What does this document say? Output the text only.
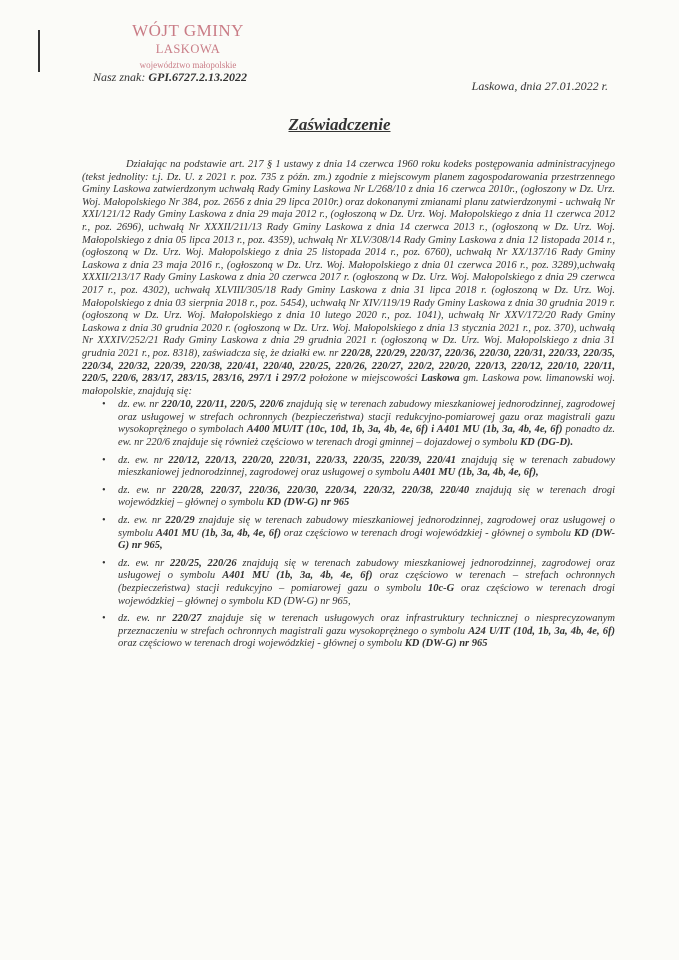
WÓJT GMINY
LASKOWA
województwo małopolskie
Nasz znak: GPI.6727.2.13.2022
Laskowa, dnia 27.01.2022 r.
Zaświadczenie

Działając na podstawie art. 217 § 1 ustawy z dnia 14 czerwca 1960 roku kodeks postępowania administracyjnego (tekst jednolity: t.j. Dz. U. z 2021 r. poz. 735 z późn. zm.) zgodnie z miejscowym planem zagospodarowania przestrzennego Gminy Laskowa zatwierdzonym uchwałą Rady Gminy Laskowa Nr L/268/10 z dnia 16 czerwca 2010r., (ogłoszony w Dz. Urz. Woj. Małopolskiego Nr 384, poz. 2656 z dnia 29 lipca 2010r.) oraz dokonanymi zmianami planu zatwierdzonymi - uchwałą Nr XXI/121/12 Rady Gminy Laskowa z dnia 29 maja 2012 r., (ogłoszoną w Dz. Urz. Woj. Małopolskiego z dnia 11 czerwca 2012 r., poz. 2696), uchwałą Nr XXXII/211/13 Rady Gminy Laskowa z dnia 14 czerwca 2013 r., (ogłoszoną w Dz. Urz. Woj. Małopolskiego z dnia 05 lipca 2013 r., poz. 4359), uchwałą Nr XLV/308/14 Rady Gminy Laskowa z dnia 12 listopada 2014 r., (ogłoszoną w Dz. Urz. Woj. Małopolskiego z dnia 25 listopada 2014 r., poz. 6760), uchwałą Nr XX/137/16 Rady Gminy Laskowa z dnia 23 maja 2016 r., (ogłoszoną w Dz. Urz. Woj. Małopolskiego z dnia 01 czerwca 2016 r., poz. 3289),uchwałą XXXII/213/17 Rady Gminy Laskowa z dnia 20 czerwca 2017 r. (ogłoszoną w Dz. Urz. Woj. Małopolskiego z dnia 29 czerwca 2017 r., poz. 4302), uchwałą XLVIII/305/18 Rady Gminy Laskowa z dnia 31 lipca 2018 r. (ogłoszoną w Dz. Urz. Woj. Małopolskiego z dnia 03 sierpnia 2018 r., poz. 5454), uchwałą Nr XIV/119/19 Rady Gminy Laskowa z dnia 30 grudnia 2019 r. (ogłoszoną w Dz. Urz. Woj. Małopolskiego z dnia 10 lutego 2020 r., poz. 1041), uchwałą Nr XXV/172/20 Rady Gminy Laskowa z dnia 30 grudnia 2020 r. (ogłoszoną w Dz. Urz. Woj. Małopolskiego z dnia 13 stycznia 2021 r., poz. 370), uchwałą Nr XXXIV/252/21 Rady Gminy Laskowa z dnia 29 grudnia 2021 r. (ogłoszoną w Dz. Urz. Woj. Małopolskiego z dnia 31 grudnia 2021 r., poz. 8318), zaświadcza się, że działki ew. nr 220/28, 220/29, 220/37, 220/36, 220/30, 220/31, 220/33, 220/35, 220/34, 220/32, 220/39, 220/38, 220/41, 220/40, 220/25, 220/26, 220/27, 220/2, 220/20, 220/13, 220/12, 220/10, 220/11, 220/5, 220/6, 283/17, 283/15, 283/16, 297/1 i 297/2 położone w miejscowości Laskowa gm. Laskowa pow. limanowski woj. małopolskie, znajdują się:

• dz. ew. nr 220/10, 220/11, 220/5, 220/6 znajdują się w terenach zabudowy mieszkaniowej jednorodzinnej, zagrodowej oraz usługowej w strefach ochronnych (bezpieczeństwa) stacji redukcyjno-pomiarowej gazu oraz magistrali gazu wysokoprężnego o symbolach A400 MU/IT (10c, 10d, 1b, 3a, 4b, 4e, 6f) i A401 MU (1b, 3a, 4b, 4e, 6f) ponadto dz. ew. nr 220/6 znajduje się również częściowo w terenach drogi gminnej – dojazdowej o symbolu KD (DG-D).
• dz. ew. nr 220/12, 220/13, 220/20, 220/31, 220/33, 220/35, 220/39, 220/41 znajdują się w terenach zabudowy mieszkaniowej jednorodzinnej, zagrodowej oraz usługowej o symbolu A401 MU (1b, 3a, 4b, 4e, 6f),
• dz. ew. nr 220/28, 220/37, 220/36, 220/30, 220/34, 220/32, 220/38, 220/40 znajdują się w terenach drogi wojewódzkiej – głównej o symbolu KD (DW-G) nr 965
• dz. ew. nr 220/29 znajduje się w terenach zabudowy mieszkaniowej jednorodzinnej, zagrodowej oraz usługowej o symbolu A401 MU (1b, 3a, 4b, 4e, 6f) oraz częściowo w terenach drogi wojewódzkiej - głównej o symbolu KD (DW-G) nr 965,
• dz. ew. nr 220/25, 220/26 znajdują się w terenach zabudowy mieszkaniowej jednorodzinnej, zagrodowej oraz usługowej o symbolu A401 MU (1b, 3a, 4b, 4e, 6f) oraz częściowo w terenach – strefach ochronnych (bezpieczeństwa) stacji redukcyjno – pomiarowej gazu o symbolu 10c-G oraz częściowo w terenach drogi wojewódzkiej – głównej o symbolu KD (DW-G) nr 965,
• dz. ew. nr 220/27 znajduje się w terenach usługowych oraz infrastruktury technicznej o niesprecyzowanym przeznaczeniu w strefach ochronnych magistrali gazu wysokoprężnego o symbolu A24 U/IT (10d, 1b, 3a, 4b, 4e, 6f) oraz częściowo w terenach drogi wojewódzkiej - głównej o symbolu KD (DW-G) nr 965
